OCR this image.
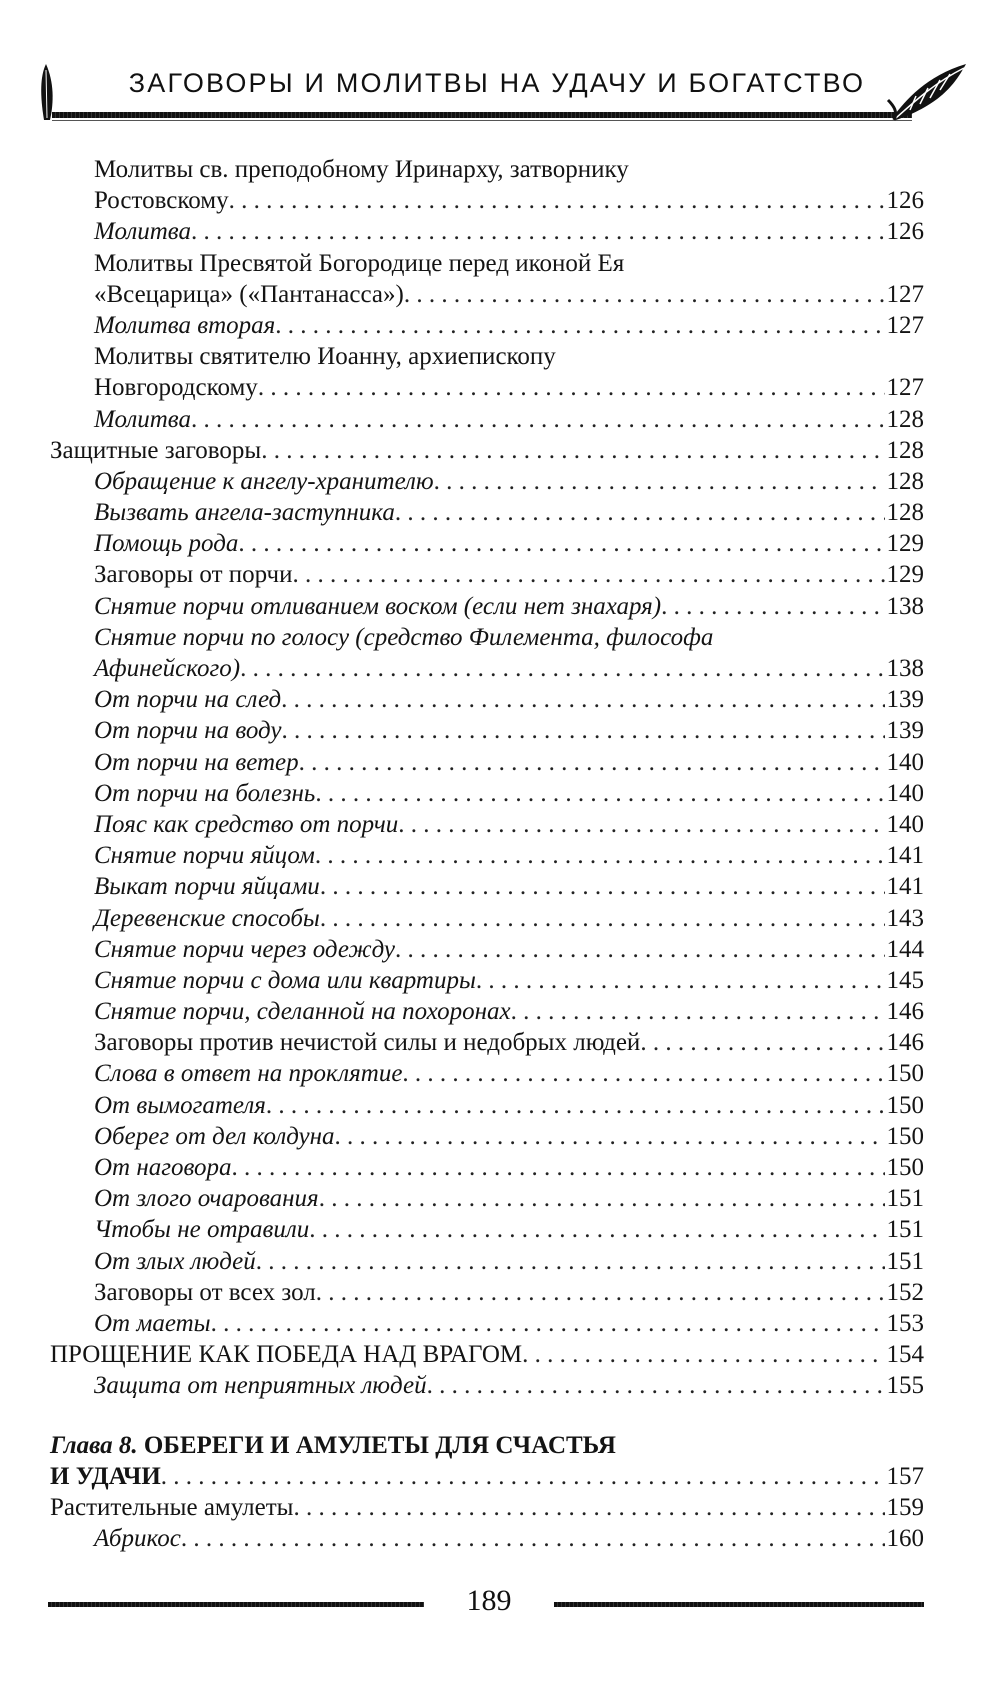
ЗАГОВОРЫ И МОЛИТВЫ НА УДАЧУ И БОГАТСТВО
Молитвы св. преподобному Иринарху, затворнику
Ростовскому . . .	126
Молитва . . .	126
Молитвы Пресвятой Богородице перед иконой Ея
«Всецарица» («Пантанасса») . . .	127
Молитва вторая . . .	127
Молитвы святителю Иоанну, архиепископу
Новгородскому . . .	127
Молитва . . .	128
Защитные заговоры . . .	128
Обращение к ангелу-хранителю . . .	128
Вызвать ангела-заступника . . .	128
Помощь рода . . .	129
Заговоры от порчи . . .	129
Снятие порчи отливанием воском (если нет знахаря) . . .	138
Снятие порчи по голосу (средство Филемента, философа
Афинейского) . . .	138
От порчи на след . . .	139
От порчи на воду . . .	139
От порчи на ветер . . .	140
От порчи на болезнь . . .	140
Пояс как средство от порчи . . .	140
Снятие порчи яйцом . . .	141
Выкат порчи яйцами . . .	141
Деревенские способы . . .	143
Снятие порчи через одежду . . .	144
Снятие порчи с дома или квартиры . . .	145
Снятие порчи, сделанной на похоронах . . .	146
Заговоры против нечистой силы и недобрых людей . . .	146
Слова в ответ на проклятие . . .	150
От вымогателя . . .	150
Оберег от дел колдуна . . .	150
От наговора . . .	150
От злого очарования . . .	151
Чтобы не отравили . . .	151
От злых людей . . .	151
Заговоры от всех зол . . .	152
От маеты . . .	153
ПРОЩЕНИЕ КАК ПОБЕДА НАД ВРАГОМ . . .	154
Защита от неприятных людей . . .	155
Глава 8. ОБЕРЕГИ И АМУЛЕТЫ ДЛЯ СЧАСТЬЯ
И УДАЧИ . . .	157
Растительные амулеты . . .	159
Абрикос . . .	160
189
